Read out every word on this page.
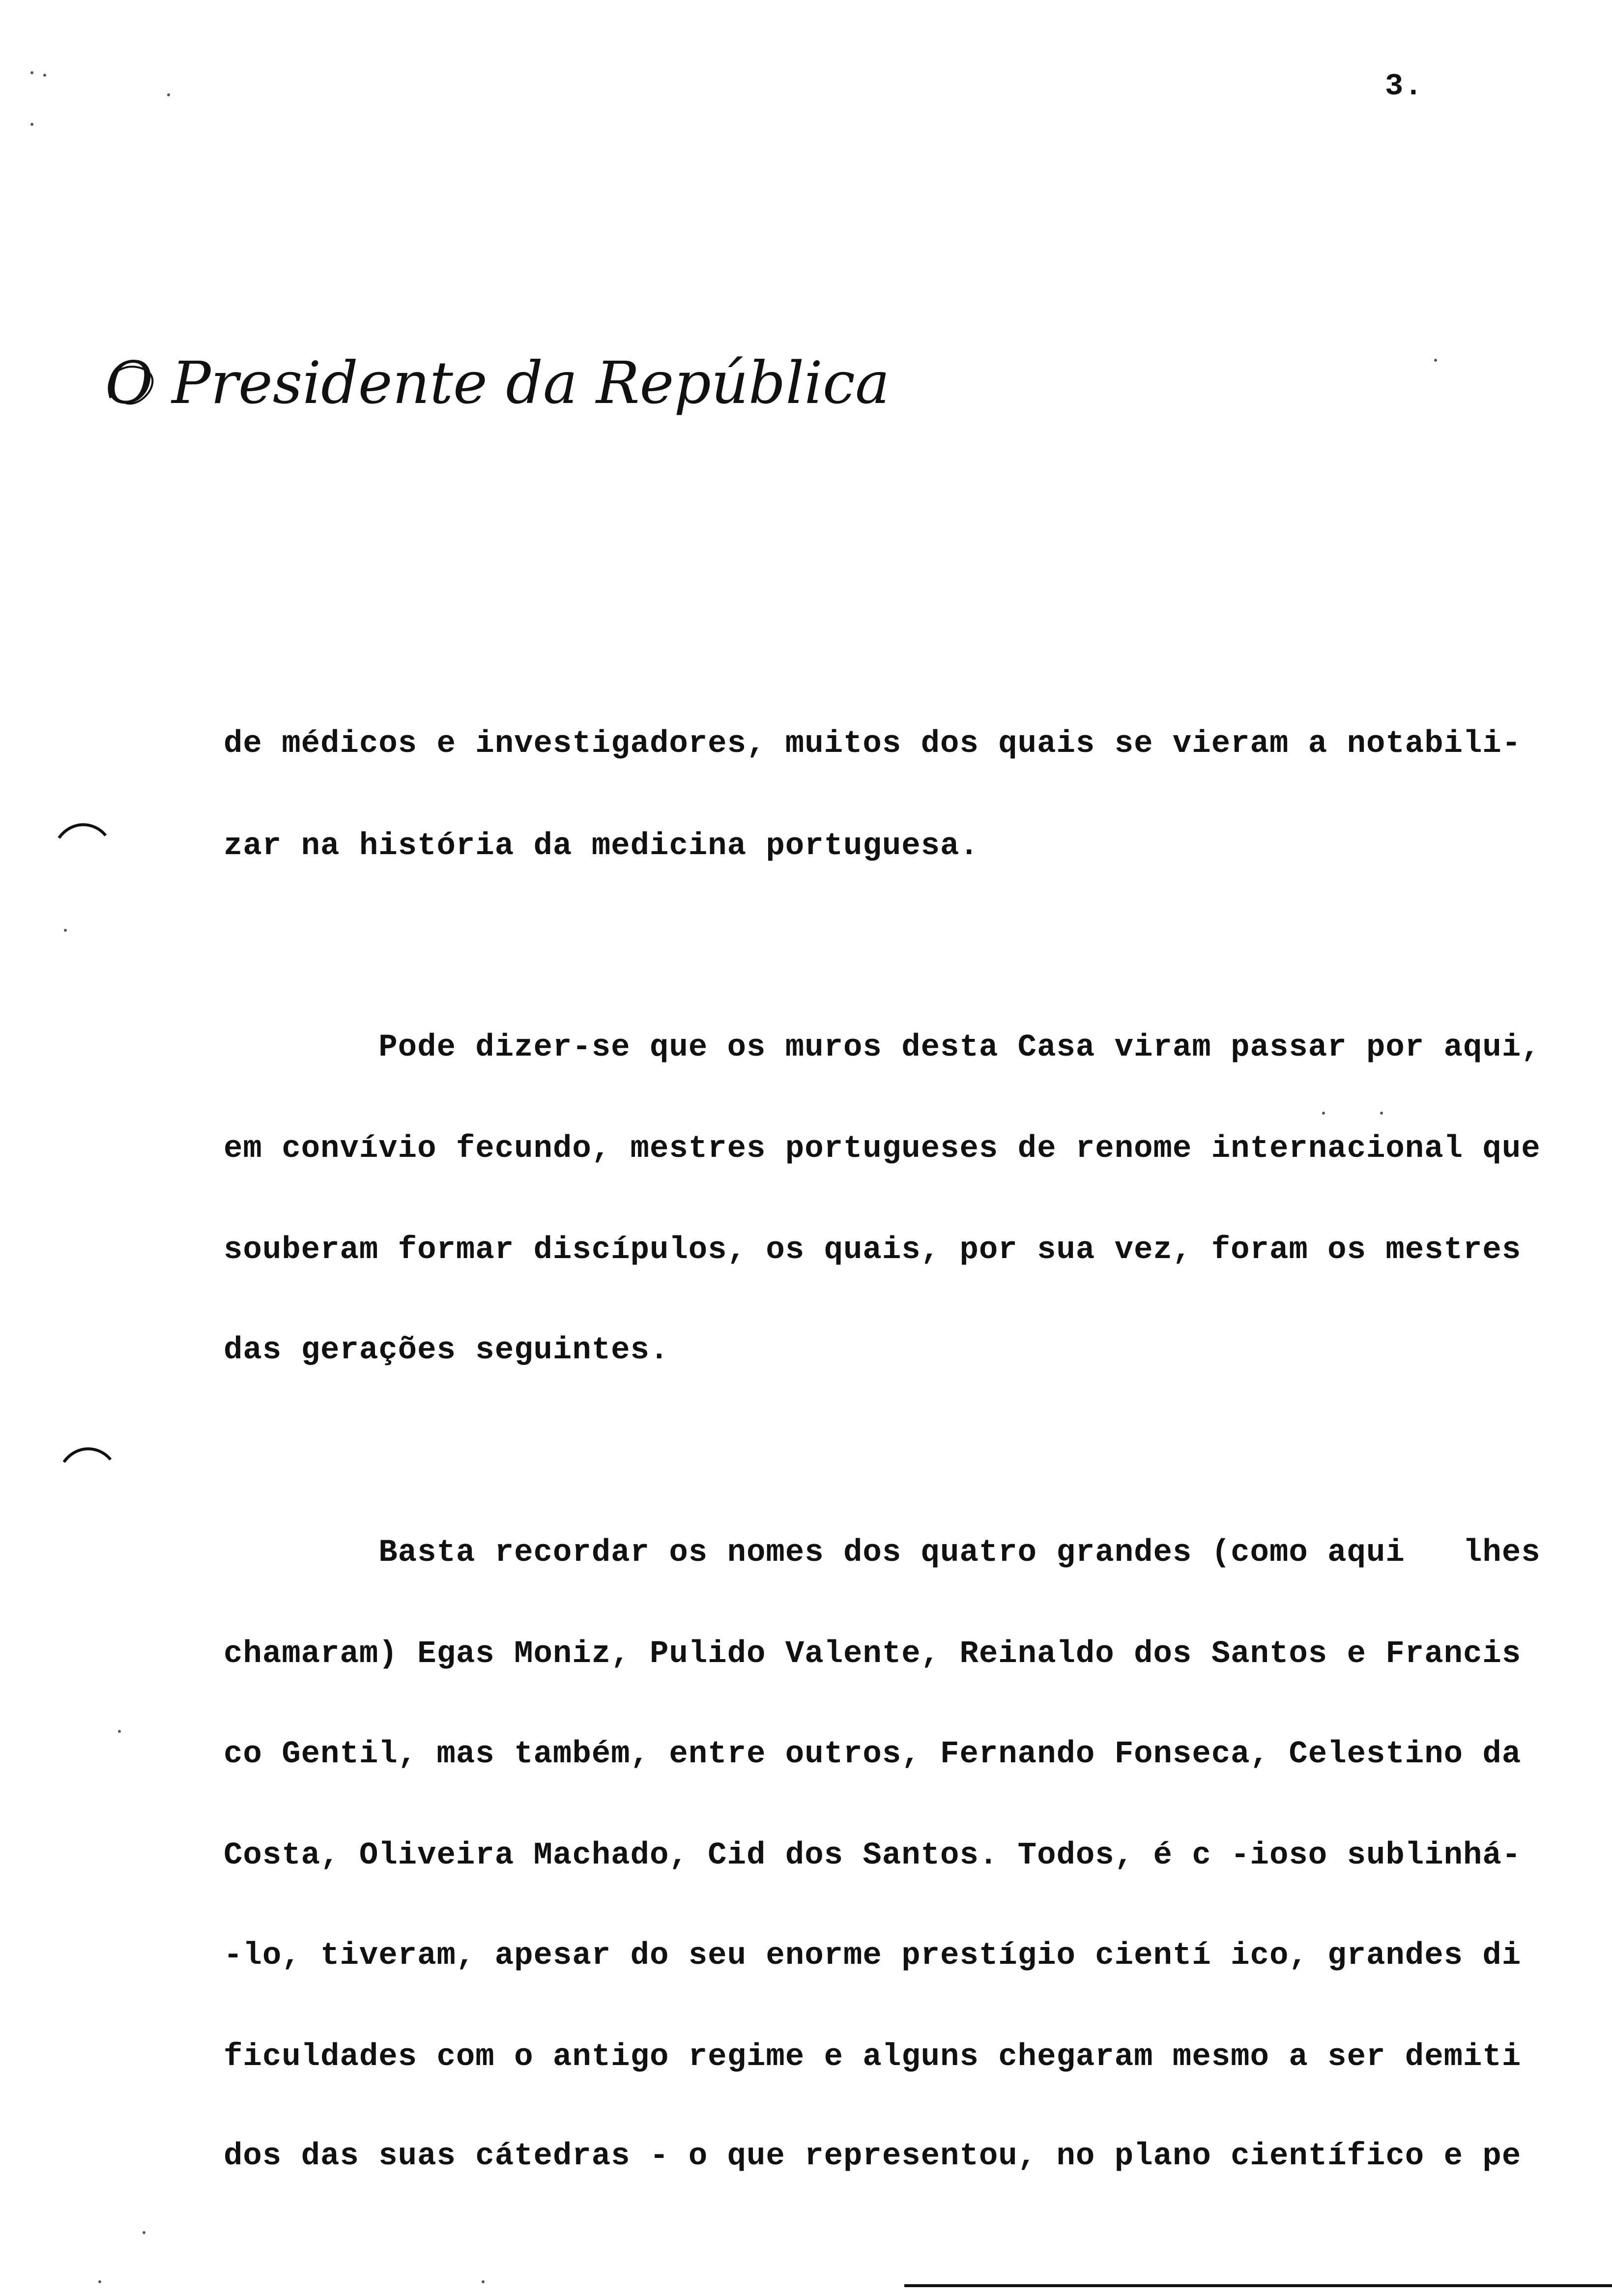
3.
O Presidente da República
de médicos e investigadores, muitos dos quais se vieram a notabili-
zar na história da medicina portuguesa.
Pode dizer-se que os muros desta Casa viram passar por aqui,
em convívio fecundo, mestres portugueses de renome internacional que
souberam formar discípulos, os quais, por sua vez, foram os mestres
das gerações seguintes.
Basta recordar os nomes dos quatro grandes (como aqui   lhes
chamaram) Egas Moniz, Pulido Valente, Reinaldo dos Santos e Francis
co Gentil, mas também, entre outros, Fernando Fonseca, Celestino da
Costa, Oliveira Machado, Cid dos Santos. Todos, é c -ioso sublinhá-
-lo, tiveram, apesar do seu enorme prestígio cientí ico, grandes di
ficuldades com o antigo regime e alguns chegaram mesmo a ser demiti
dos das suas cátedras - o que representou, no plano científico e pe
